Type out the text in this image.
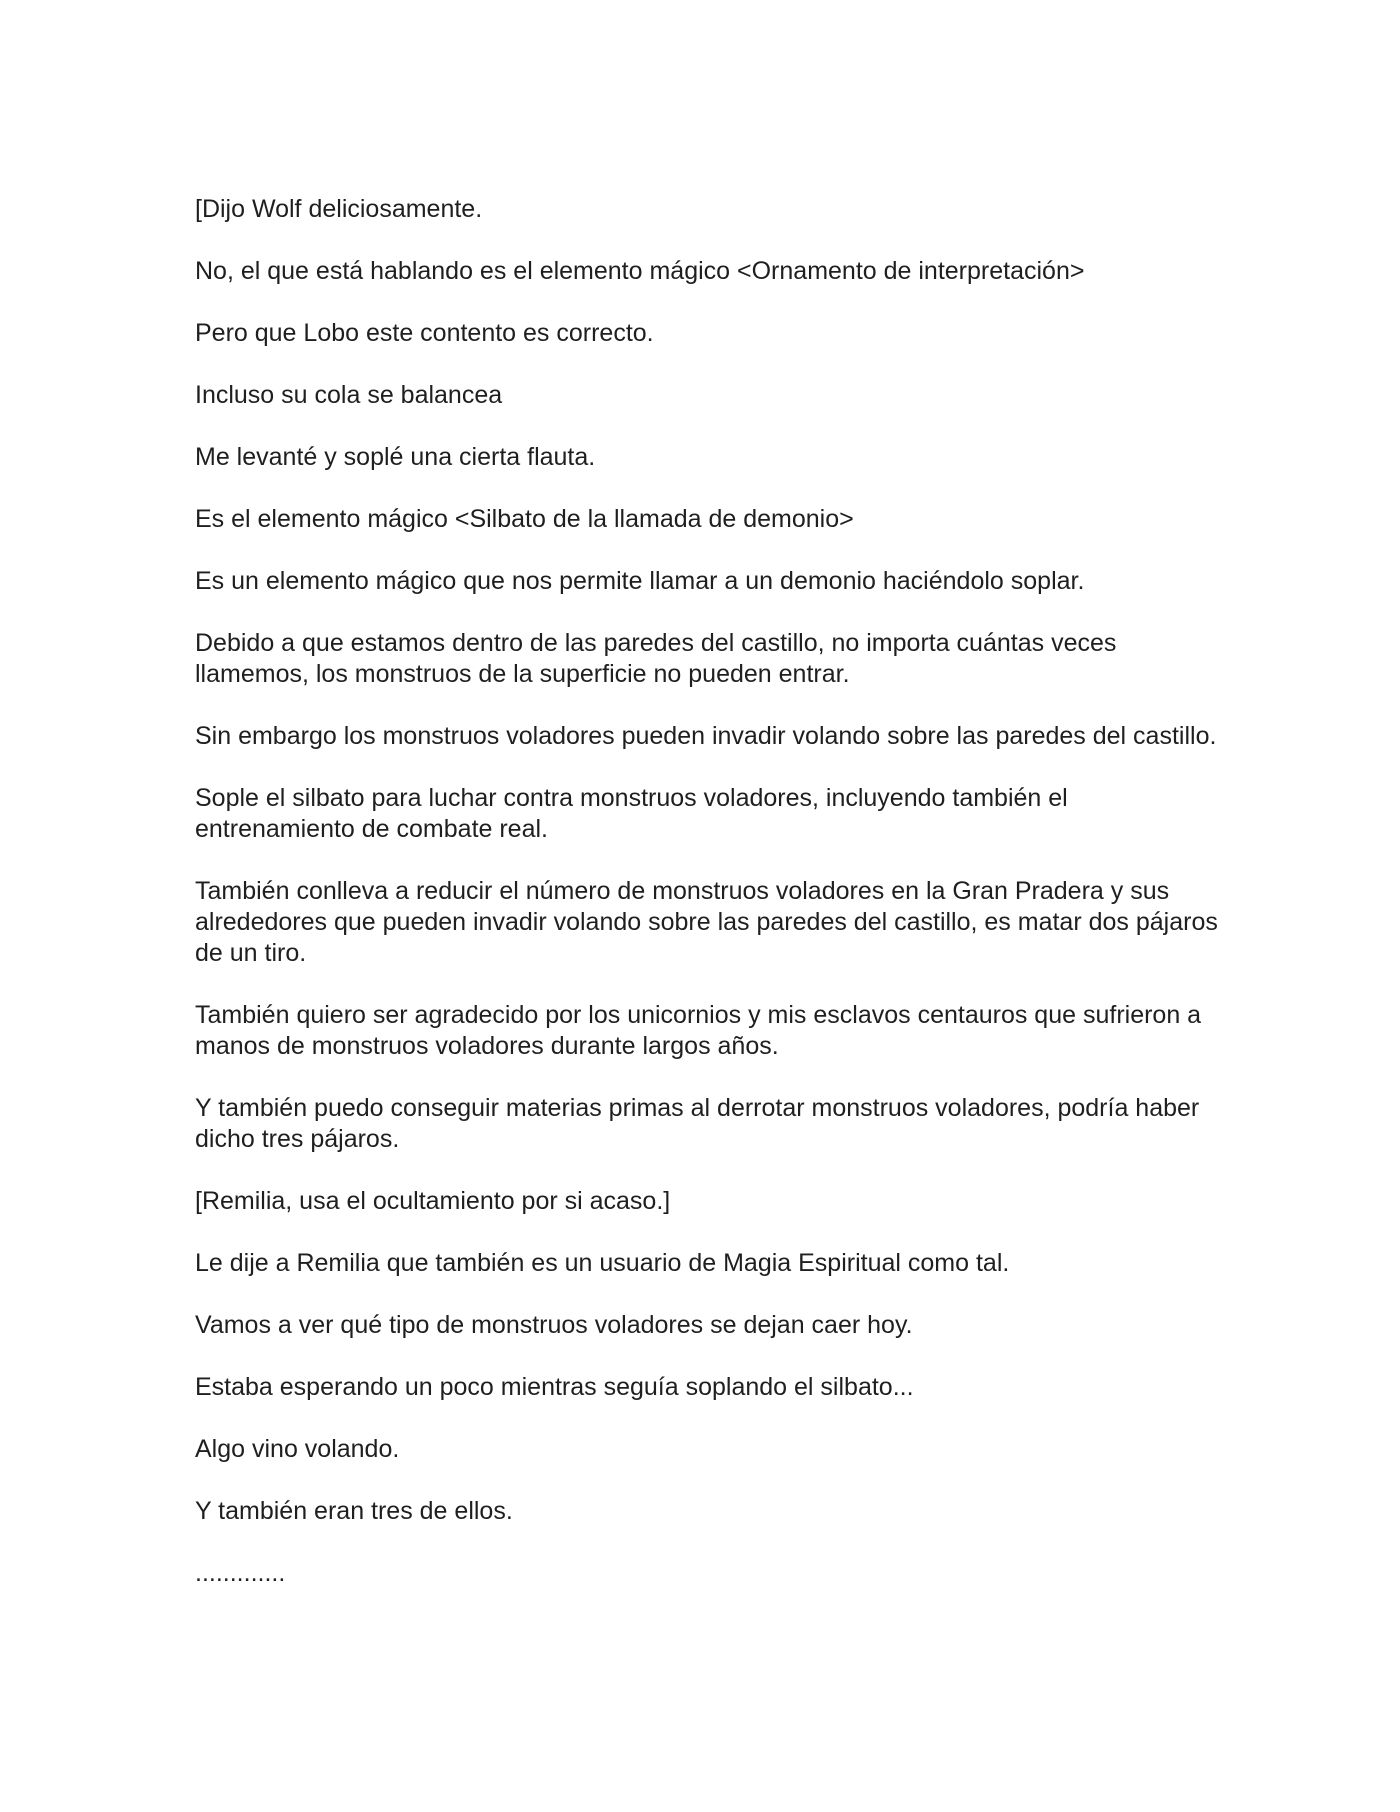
[Dijo Wolf deliciosamente.

No, el que está hablando es el elemento mágico <Ornamento de interpretación>

Pero que Lobo este contento es correcto.

Incluso su cola se balancea

Me levanté y soplé una cierta flauta.

Es el elemento mágico <Silbato de la llamada de demonio>

Es un elemento mágico que nos permite llamar a un demonio haciéndolo soplar.

Debido a que estamos dentro de las paredes del castillo, no importa cuántas veces llamemos, los monstruos de la superficie no pueden entrar.

Sin embargo los monstruos voladores pueden invadir volando sobre las paredes del castillo.

Sople el silbato para luchar contra monstruos voladores, incluyendo también el entrenamiento de combate real.

También conlleva a reducir el número de monstruos voladores en la Gran Pradera y sus alrededores que pueden invadir volando sobre las paredes del castillo, es matar dos pájaros de un tiro.

También quiero ser agradecido por los unicornios y mis esclavos centauros que sufrieron a manos de monstruos voladores durante largos años.

Y también puedo conseguir materias primas al derrotar monstruos voladores, podría haber dicho tres pájaros.

[Remilia, usa el ocultamiento por si acaso.]

Le dije a Remilia que también es un usuario de Magia Espiritual como tal.

Vamos a ver qué tipo de monstruos voladores se dejan caer hoy.

Estaba esperando un poco mientras seguía soplando el silbato...

Algo vino volando.

Y también eran tres de ellos.

.............
